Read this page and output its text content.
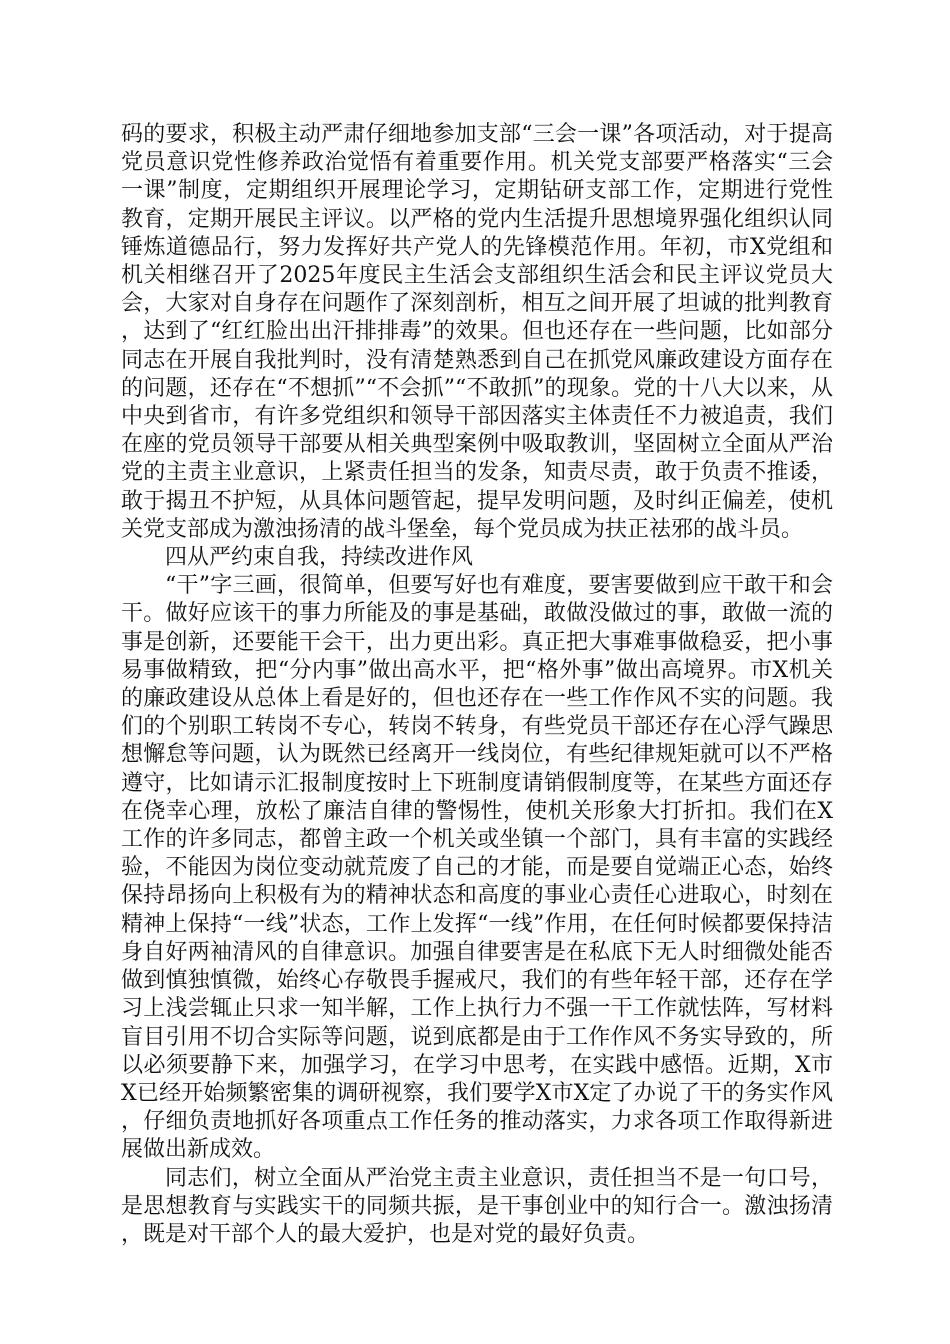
码的要求，积极主动严肃仔细地参加支部“三会一课”各项活动，对于提高党员意识党性修养政治觉悟有着重要作用。机关党支部要严格落实“三会一课”制度，定期组织开展理论学习，定期钻研支部工作，定期进行党性教育，定期开展民主评议。以严格的党内生活提升思想境界强化组织认同锤炼道德品行，努力发挥好共产党人的先锋模范作用。年初，市X党组和机关相继召开了2025年度民主生活会支部组织生活会和民主评议党员大会，大家对自身存在问题作了深刻剖析，相互之间开展了坦诚的批判教育，达到了“红红脸出出汗排排毒”的效果。但也还存在一些问题，比如部分同志在开展自我批判时，没有清楚熟悉到自己在抓党风廉政建设方面存在的问题，还存在“不想抓”“不会抓”“不敢抓”的现象。党的十八大以来，从中央到省市，有许多党组织和领导干部因落实主体责任不力被追责，我们在座的党员领导干部要从相关典型案例中吸取教训，坚固树立全面从严治党的主责主业意识，上紧责任担当的发条，知责尽责，敢于负责不推诿，敢于揭丑不护短，从具体问题管起，提早发明问题，及时纠正偏差，使机关党支部成为激浊扬清的战斗堡垒，每个党员成为扶正祛邪的战斗员。

四从严约束自我，持续改进作风

“干”字三画，很简单，但要写好也有难度，要害要做到应干敢干和会干。做好应该干的事力所能及的事是基础，敢做没做过的事，敢做一流的事是创新，还要能干会干，出力更出彩。真正把大事难事做稳妥，把小事易事做精致，把“分内事”做出高水平，把“格外事”做出高境界。市X机关的廉政建设从总体上看是好的，但也还存在一些工作作风不实的问题。我们的个别职工转岗不专心，转岗不转身，有些党员干部还存在心浮气躁思想懈怠等问题，认为既然已经离开一线岗位，有些纪律规矩就可以不严格遵守，比如请示汇报制度按时上下班制度请销假制度等，在某些方面还存在侥幸心理，放松了廉洁自律的警惕性，使机关形象大打折扣。我们在X工作的许多同志，都曾主政一个机关或坐镇一个部门，具有丰富的实践经验，不能因为岗位变动就荒废了自己的才能，而是要自觉端正心态，始终保持昂扬向上积极有为的精神状态和高度的事业心责任心进取心，时刻在精神上保持“一线”状态，工作上发挥“一线”作用，在任何时候都要保持洁身自好两袖清风的自律意识。加强自律要害是在私底下无人时细微处能否做到慎独慎微，始终心存敬畏手握戒尺，我们的有些年轻干部，还存在学习上浅尝辄止只求一知半解，工作上执行力不强一干工作就怯阵，写材料盲目引用不切合实际等问题，说到底都是由于工作作风不务实导致的，所以必须要静下来，加强学习，在学习中思考，在实践中感悟。近期，X市X已经开始频繁密集的调研视察，我们要学X市X定了办说了干的务实作风，仔细负责地抓好各项重点工作任务的推动落实，力求各项工作取得新进展做出新成效。

同志们，树立全面从严治党主责主业意识，责任担当不是一句口号，是思想教育与实践实干的同频共振，是干事创业中的知行合一。激浊扬清，既是对干部个人的最大爱护，也是对党的最好负责。
